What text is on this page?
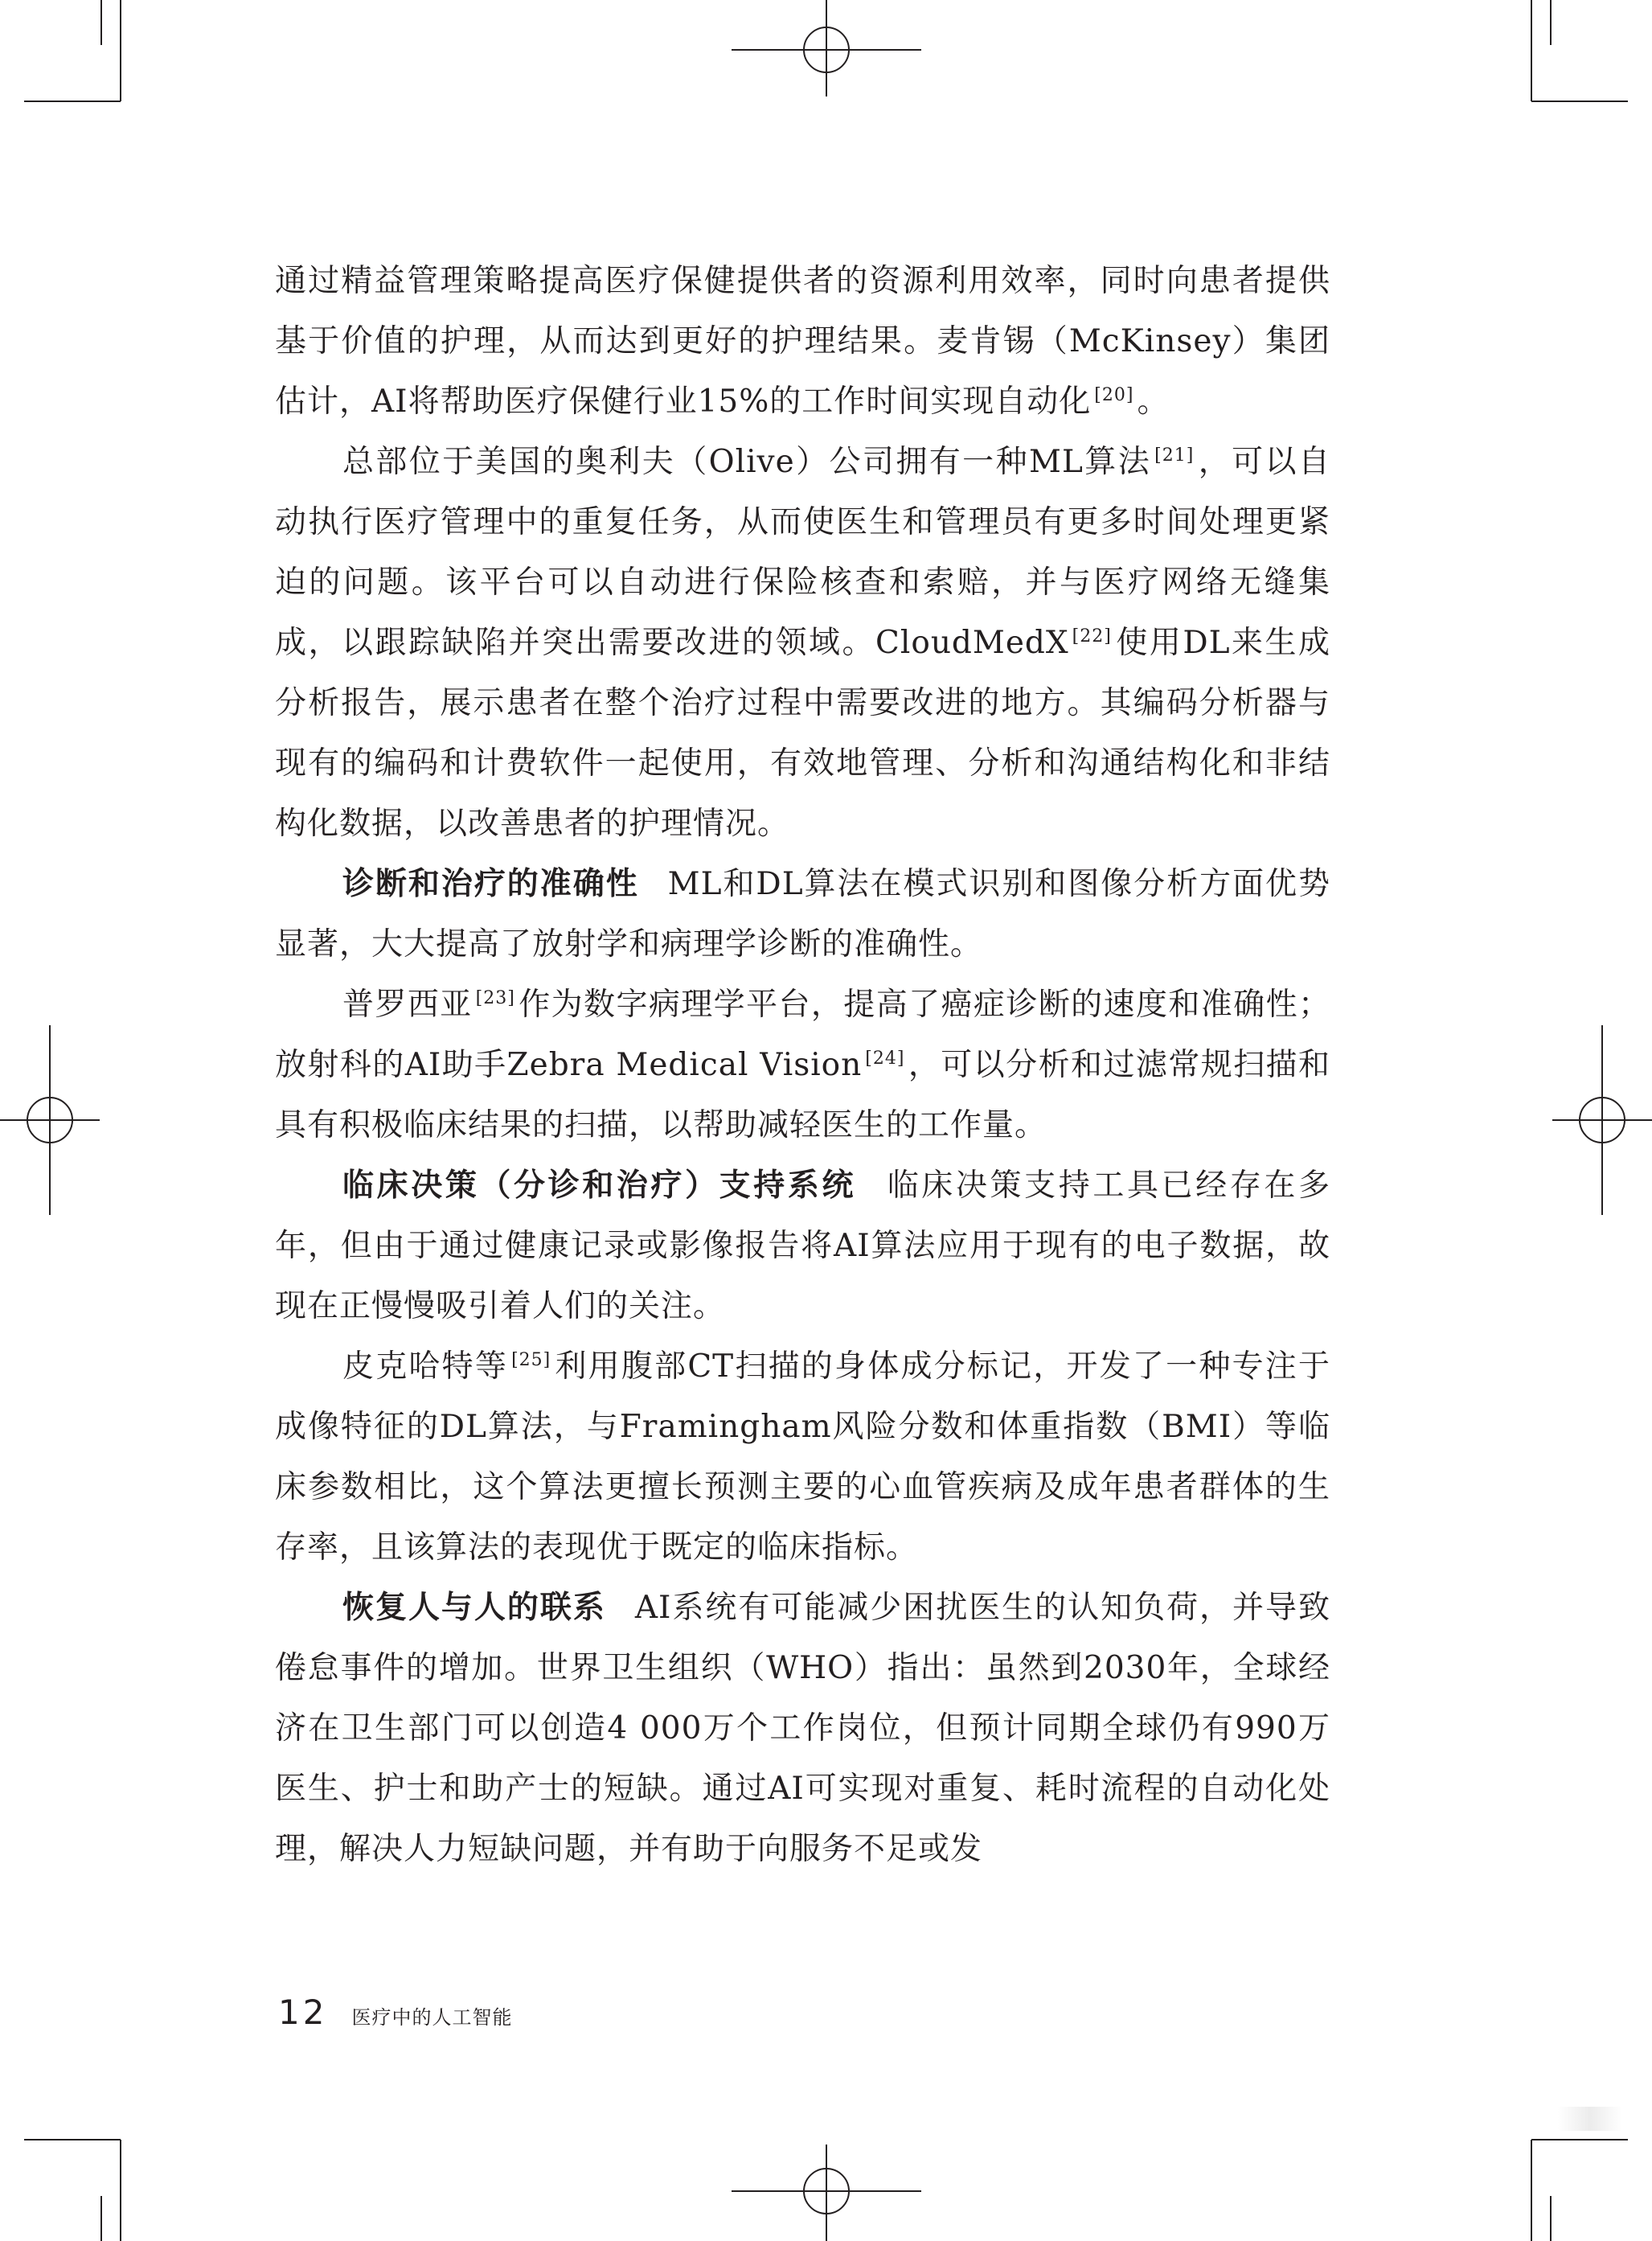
通过精益管理策略提高医疗保健提供者的资源利用效率，同时向患者提供基于价值的护理，从而达到更好的护理结果。麦肯锡（McKinsey）集团估计，AI将帮助医疗保健行业15%的工作时间实现自动化 [20] 。

总部位于美国的奥利夫（Olive）公司拥有一种ML算法 [21] ，可以自动执行医疗管理中的重复任务，从而使医生和管理员有更多时间处理更紧迫的问题。该平台可以自动进行保险核查和索赔，并与医疗网络无缝集成，以跟踪缺陷并突出需要改进的领域。CloudMedX [22] 使用DL来生成分析报告，展示患者在整个治疗过程中需要改进的地方。其编码分析器与现有的编码和计费软件一起使用，有效地管理、分析和沟通结构化和非结构化数据，以改善患者的护理情况。

诊断和治疗的准确性 ML和DL算法在模式识别和图像分析方面优势显著，大大提高了放射学和病理学诊断的准确性。

普罗西亚 [23] 作为数字病理学平台，提高了癌症诊断的速度和准确性；放射科的AI助手Zebra Medical Vision [24] ，可以分析和过滤常规扫描和具有积极临床结果的扫描，以帮助减轻医生的工作量。

临床决策（分诊和治疗）支持系统 临床决策支持工具已经存在多年，但由于通过健康记录或影像报告将AI算法应用于现有的电子数据，故现在正慢慢吸引着人们的关注。

皮克哈特等 [25] 利用腹部CT扫描的身体成分标记，开发了一种专注于成像特征的DL算法，与Framingham风险分数和体重指数（BMI）等临床参数相比，这个算法更擅长预测主要的心血管疾病及成年患者群体的生存率，且该算法的表现优于既定的临床指标。

恢复人与人的联系 AI系统有可能减少困扰医生的认知负荷，并导致倦怠事件的增加。世界卫生组织（WHO）指出：虽然到2030年，全球经济在卫生部门可以创造4 000万个工作岗位，但预计同期全球仍有990万医生、护士和助产士的短缺。通过AI可实现对重复、耗时流程的自动化处理，解决人力短缺问题，并有助于向服务不足或发

12 医疗中的人工智能
